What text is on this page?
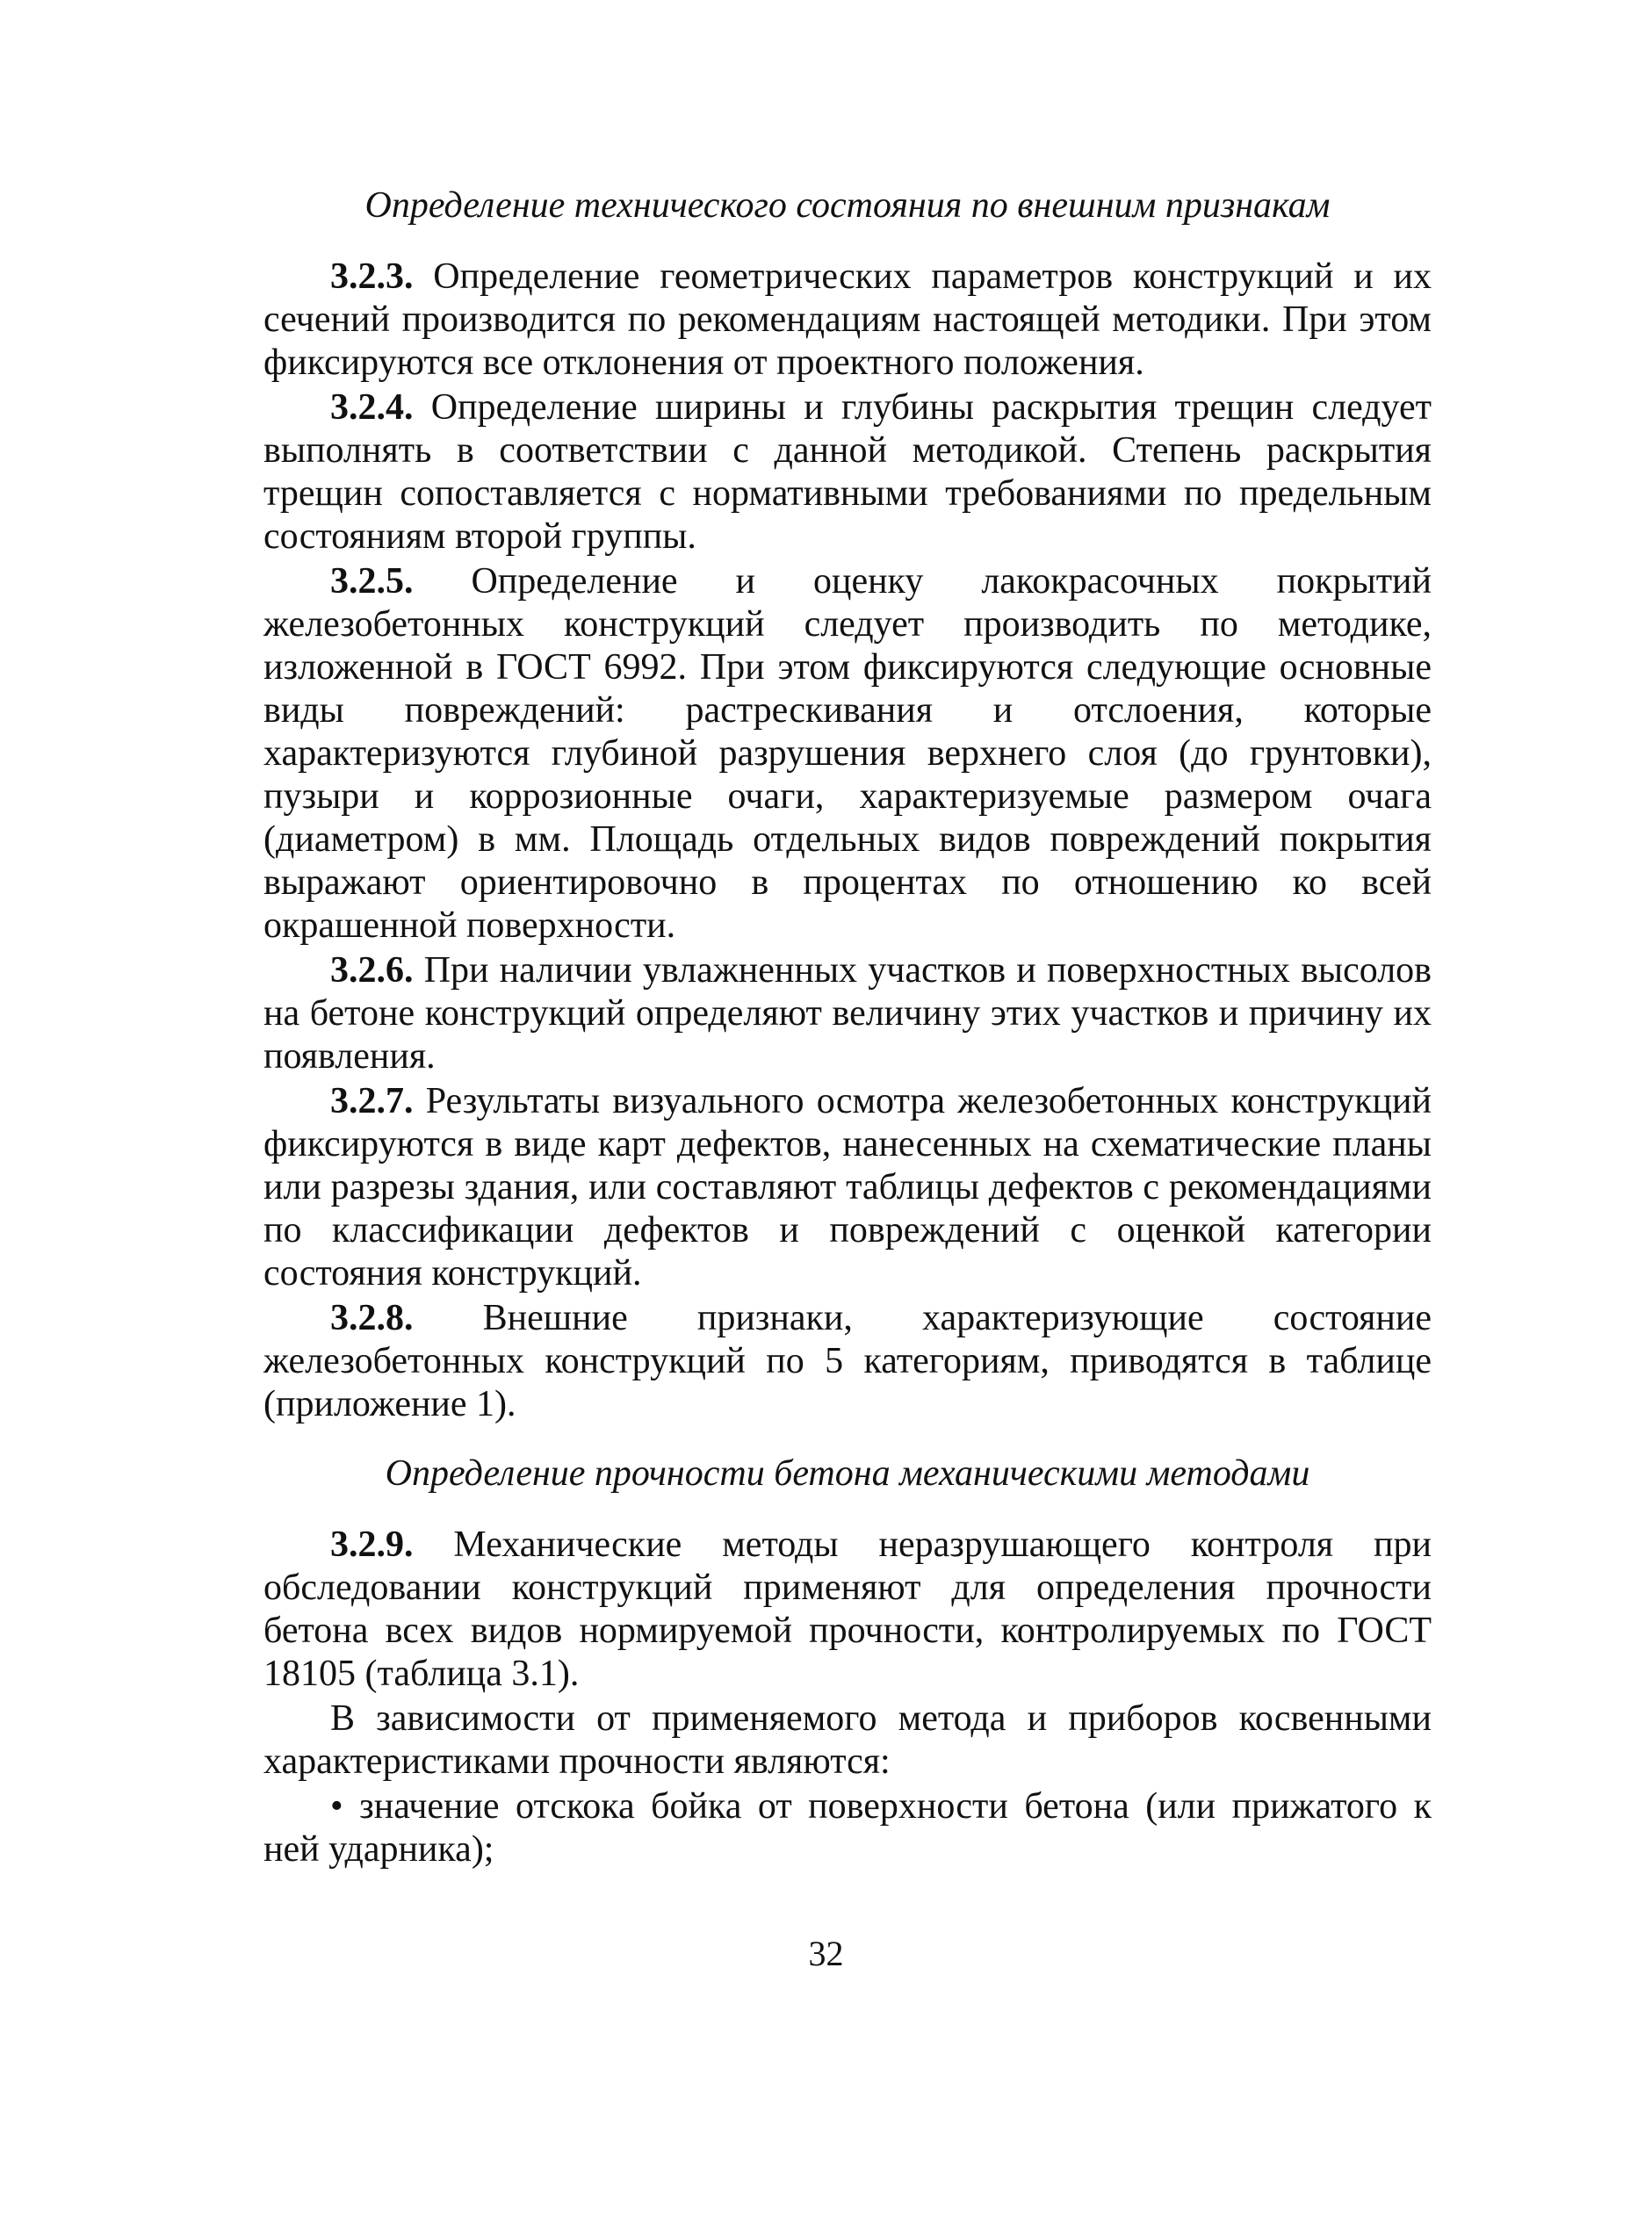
Определение технического состояния по внешним признакам
3.2.3. Определение геометрических параметров конструкций и их сечений производится по рекомендациям настоящей методики. При этом фиксируются все отклонения от проектного положения.
3.2.4. Определение ширины и глубины раскрытия трещин следует выполнять в соответствии с данной методикой. Степень раскрытия трещин сопоставляется с нормативными требованиями по предельным состояниям второй группы.
3.2.5. Определение и оценку лакокрасочных покрытий железобетонных конструкций следует производить по методике, изложенной в ГОСТ 6992. При этом фиксируются следующие основные виды повреждений: растрескивания и отслоения, которые характеризуются глубиной разрушения верхнего слоя (до грунтовки), пузыри и коррозионные очаги, характеризуемые размером очага (диаметром) в мм. Площадь отдельных видов повреждений покрытия выражают ориентировочно в процентах по отношению ко всей окрашенной поверхности.
3.2.6. При наличии увлажненных участков и поверхностных высолов на бетоне конструкций определяют величину этих участков и причину их появления.
3.2.7. Результаты визуального осмотра железобетонных конструкций фиксируются в виде карт дефектов, нанесенных на схематические планы или разрезы здания, или составляют таблицы дефектов с рекомендациями по классификации дефектов и повреждений с оценкой категории состояния конструкций.
3.2.8. Внешние признаки, характеризующие состояние железобетонных конструкций по 5 категориям, приводятся в таблице (приложение 1).
Определение прочности бетона механическими методами
3.2.9. Механические методы неразрушающего контроля при обследовании конструкций применяют для определения прочности бетона всех видов нормируемой прочности, контролируемых по ГОСТ 18105 (таблица 3.1).
В зависимости от применяемого метода и приборов косвенными характеристиками прочности являются:
• значение отскока бойка от поверхности бетона (или прижатого к ней ударника);
32
